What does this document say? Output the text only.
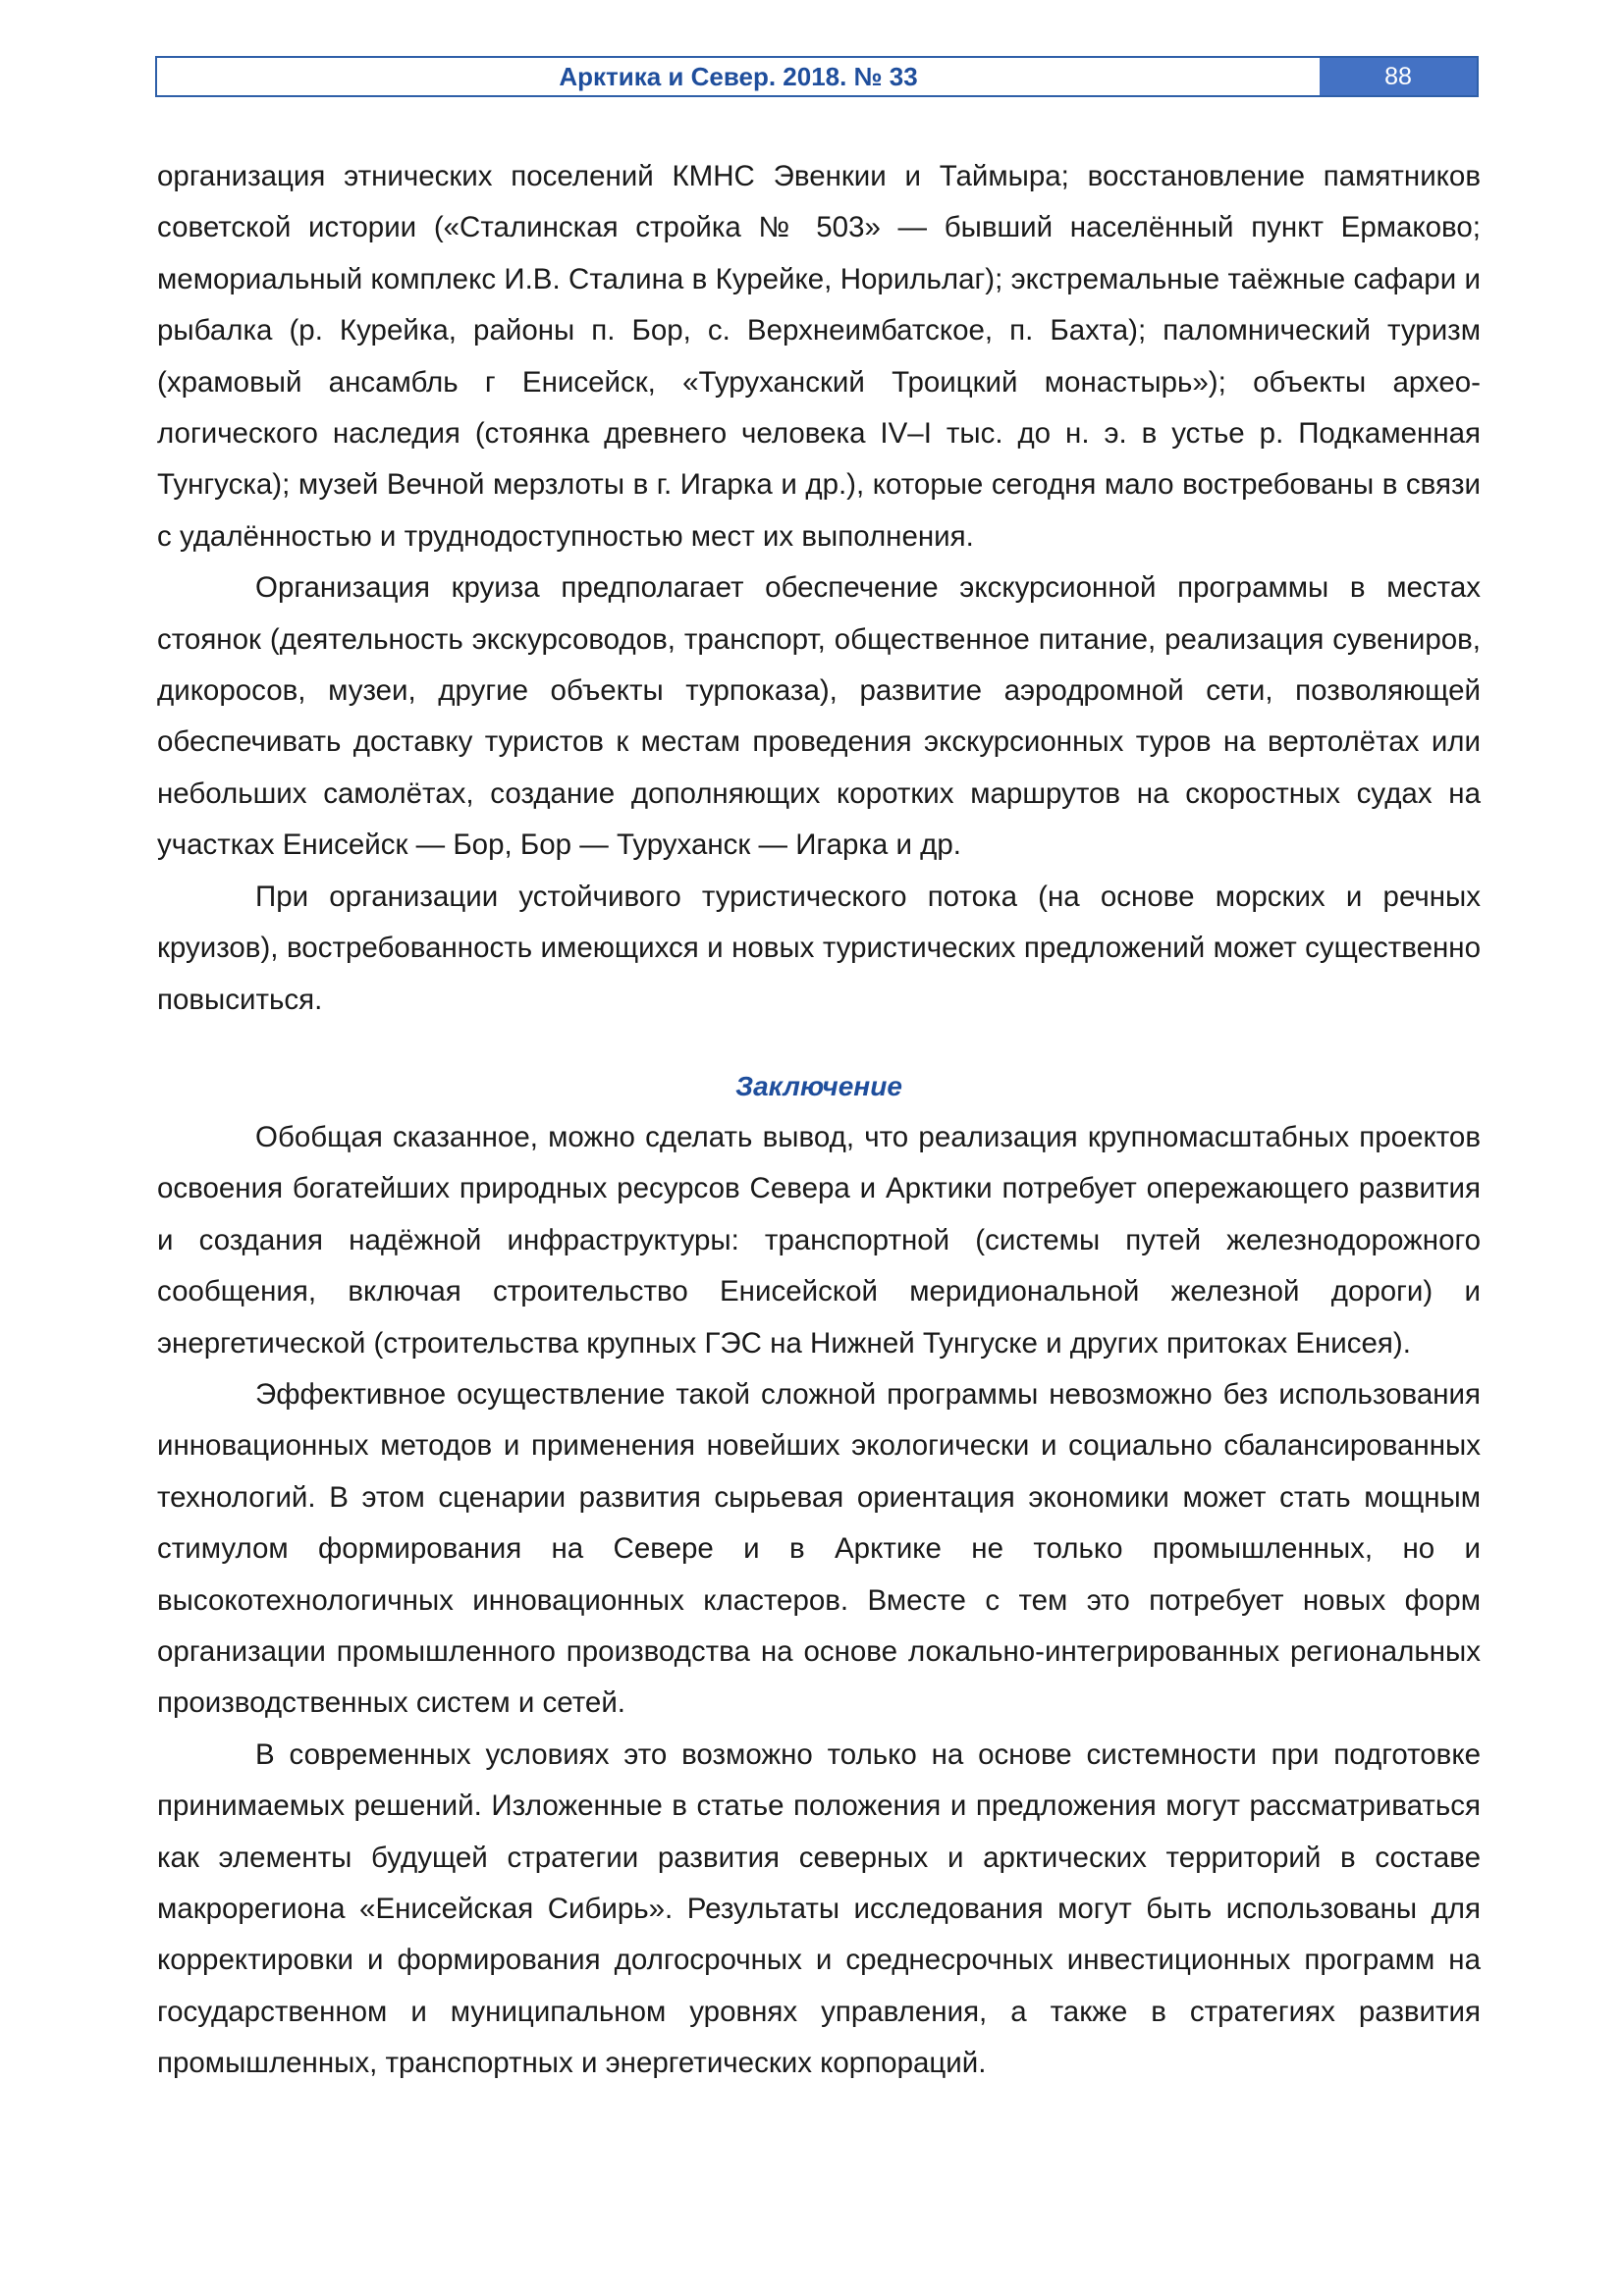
Арктика и Север. 2018. № 33	88

организация этнических поселений КМНС Эвенкии и Таймыра; восстановление памятников советской истории («Сталинская стройка № 503» — бывший населённый пункт Ермаково; мемориальный комплекс И.В. Сталина в Курейке, Норильлаг); экстремальные таёжные сафари и рыбалка (р. Курейка, районы п. Бор, с. Верхнеимбатское, п. Бахта); паломнический туризм (храмовый ансамбль г Енисейск, «Туруханский Троицкий монастырь»); объекты археологического наследия (стоянка древнего человека IV–I тыс. до н. э. в устье р. Подкаменная Тунгуска); музей Вечной мерзлоты в г. Игарка и др.), которые сегодня мало востребованы в связи с удалённостью и труднодоступностью мест их выполнения.

Организация круиза предполагает обеспечение экскурсионной программы в местах стоянок (деятельность экскурсоводов, транспорт, общественное питание, реализация сувениров, дикоросов, музеи, другие объекты турпоказа), развитие аэродромной сети, позволяющей обеспечивать доставку туристов к местам проведения экскурсионных туров на вертолётах или небольших самолётах, создание дополняющих коротких маршрутов на скоростных судах на участках Енисейск — Бор, Бор — Туруханск — Игарка и др.

При организации устойчивого туристического потока (на основе морских и речных круизов), востребованность имеющихся и новых туристических предложений может существенно повыситься.

Заключение

Обобщая сказанное, можно сделать вывод, что реализация крупномасштабных проектов освоения богатейших природных ресурсов Севера и Арктики потребует опережающего развития и создания надёжной инфраструктуры: транспортной (системы путей железнодорожного сообщения, включая строительство Енисейской меридиональной железной дороги) и энергетической (строительства крупных ГЭС на Нижней Тунгуске и других притоках Енисея).

Эффективное осуществление такой сложной программы невозможно без использования инновационных методов и применения новейших экологически и социально сбалансированных технологий. В этом сценарии развития сырьевая ориентация экономики может стать мощным стимулом формирования на Севере и в Арктике не только промышленных, но и высокотехнологичных инновационных кластеров. Вместе с тем это потребует новых форм организации промышленного производства на основе локально-интегрированных региональных производственных систем и сетей.

В современных условиях это возможно только на основе системности при подготовке принимаемых решений. Изложенные в статье положения и предложения могут рассматриваться как элементы будущей стратегии развития северных и арктических территорий в составе макрорегиона «Енисейская Сибирь». Результаты исследования могут быть использованы для корректировки и формирования долгосрочных и среднесрочных инвестиционных программ на государственном и муниципальном уровнях управления, а также в стратегиях развития промышленных, транспортных и энергетических корпораций.
